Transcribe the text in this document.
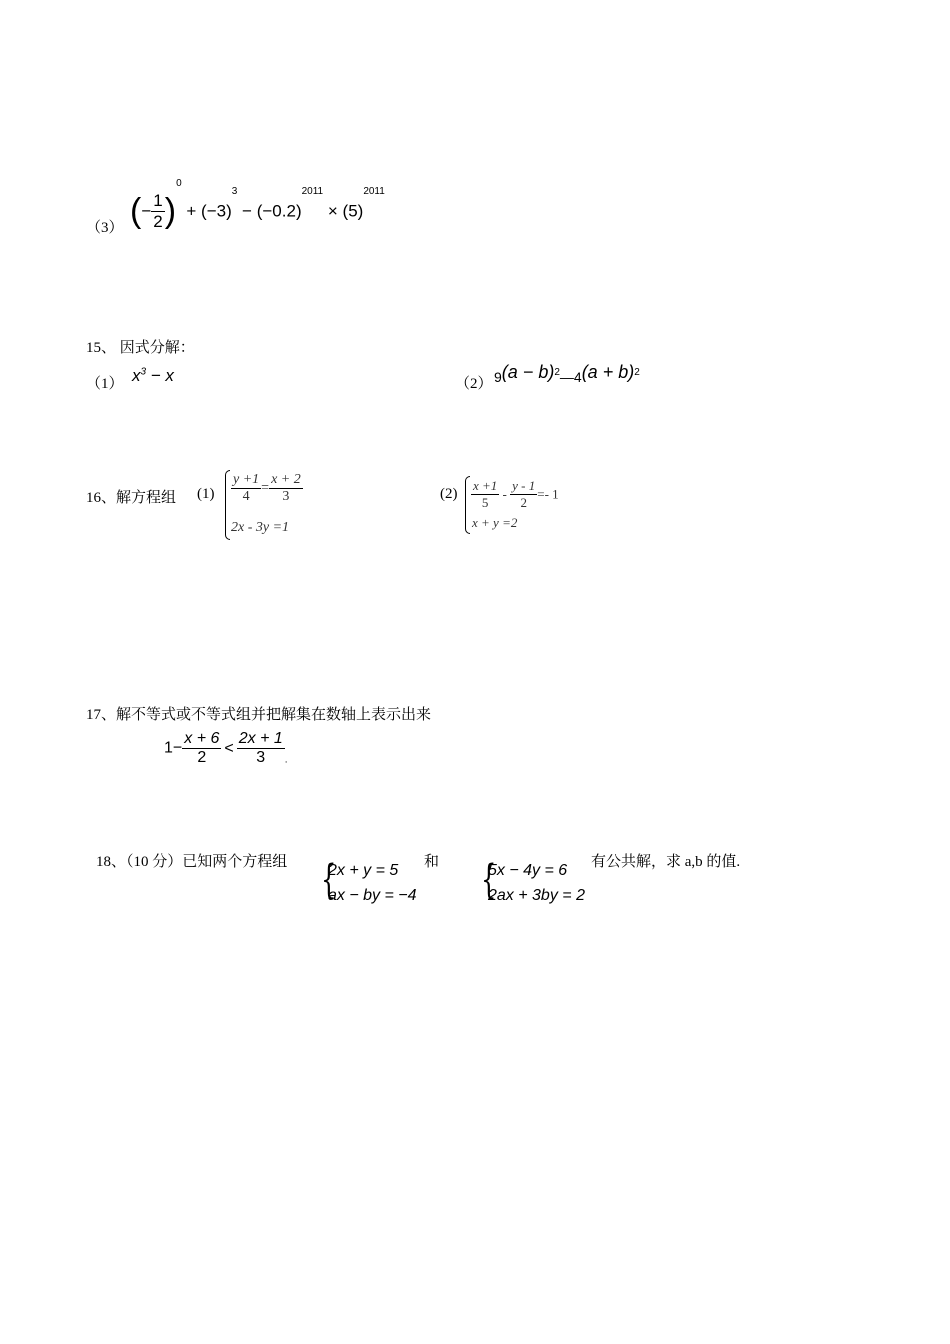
（3） (− $\frac{1}{2} )^0 + (-3)^3 - (-0.2)^{2011} \times (5)^{2011}$
15、 因式分解：
（1） $x^3 - x$	（2） $9(a - b)^2—4(a + b)^2$
16、解方程组 $(1) \frac{y +1}{4} = \frac{x + 2}{3}$
2x - 3y =1
$(2) \frac{x +1}{5} - \frac{y - 1}{2} =- 1$
x + y =2
17、解不等式或不等式组并把解集在数轴上表示出来
$1- \frac{x + 6}{2} < \frac{2x + 1}{3} _.$
18、（10 分）已知两个方程组 {
2x + y = 5
ax − by = −4
和 {
5x − 4y = 6
2ax + 3by = 2
有公共解，求 a,b 的值.
